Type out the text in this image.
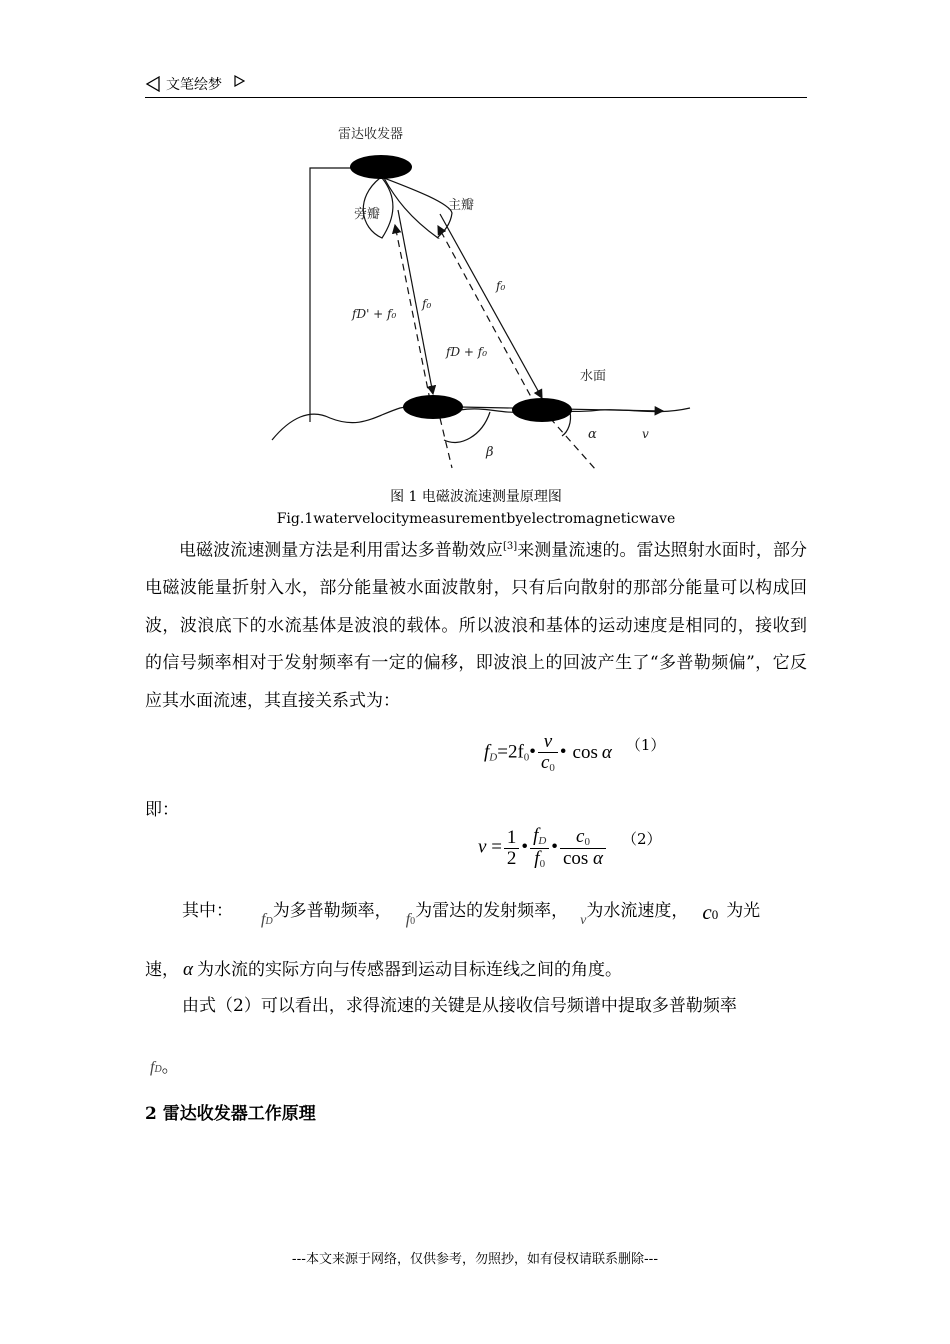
文笔绘梦
雷达收发器
旁瓣
主瓣
水面
f₀
f₀
fD' + f₀
fD + f₀
β
α	v
图 1 电磁波流速测量原理图
Fig.1watervelocitymeasurementbyelectromagneticwave
电磁波流速测量方法是利用雷达多普勒效应[3]来测量流速的。雷达照射水面时，部分电磁波能量折射入水，部分能量被水面波散射，只有后向散射的那部分能量可以构成回波，波浪底下的水流基体是波浪的载体。所以波浪和基体的运动速度是相同的，接收到的信号频率相对于发射频率有一定的偏移，即波浪上的回波产生了“多普勒频偏”，它反应其水面流速，其直接关系式为：
$f_D=2f0• \frac{v}{c0}$ • cos α $^{(1)}$
即：
$v = \frac{1}{2}$ • $\frac{f_D}{f0}$ • $\frac{c0}{\text{cos α}} ^{(2)}$
其中： fD为多普勒频率， f0为雷达的发射频率， $_v$为水流速度， c0 为光
速， α 为水流的实际方向与传感器到运动目标连线之间的角度。
由式（2）可以看出，求得流速的关键是从接收信号频谱中提取多普勒频率
fD。
2 雷达收发器工作原理
---本文来源于网络，仅供参考，勿照抄，如有侵权请联系删除---
